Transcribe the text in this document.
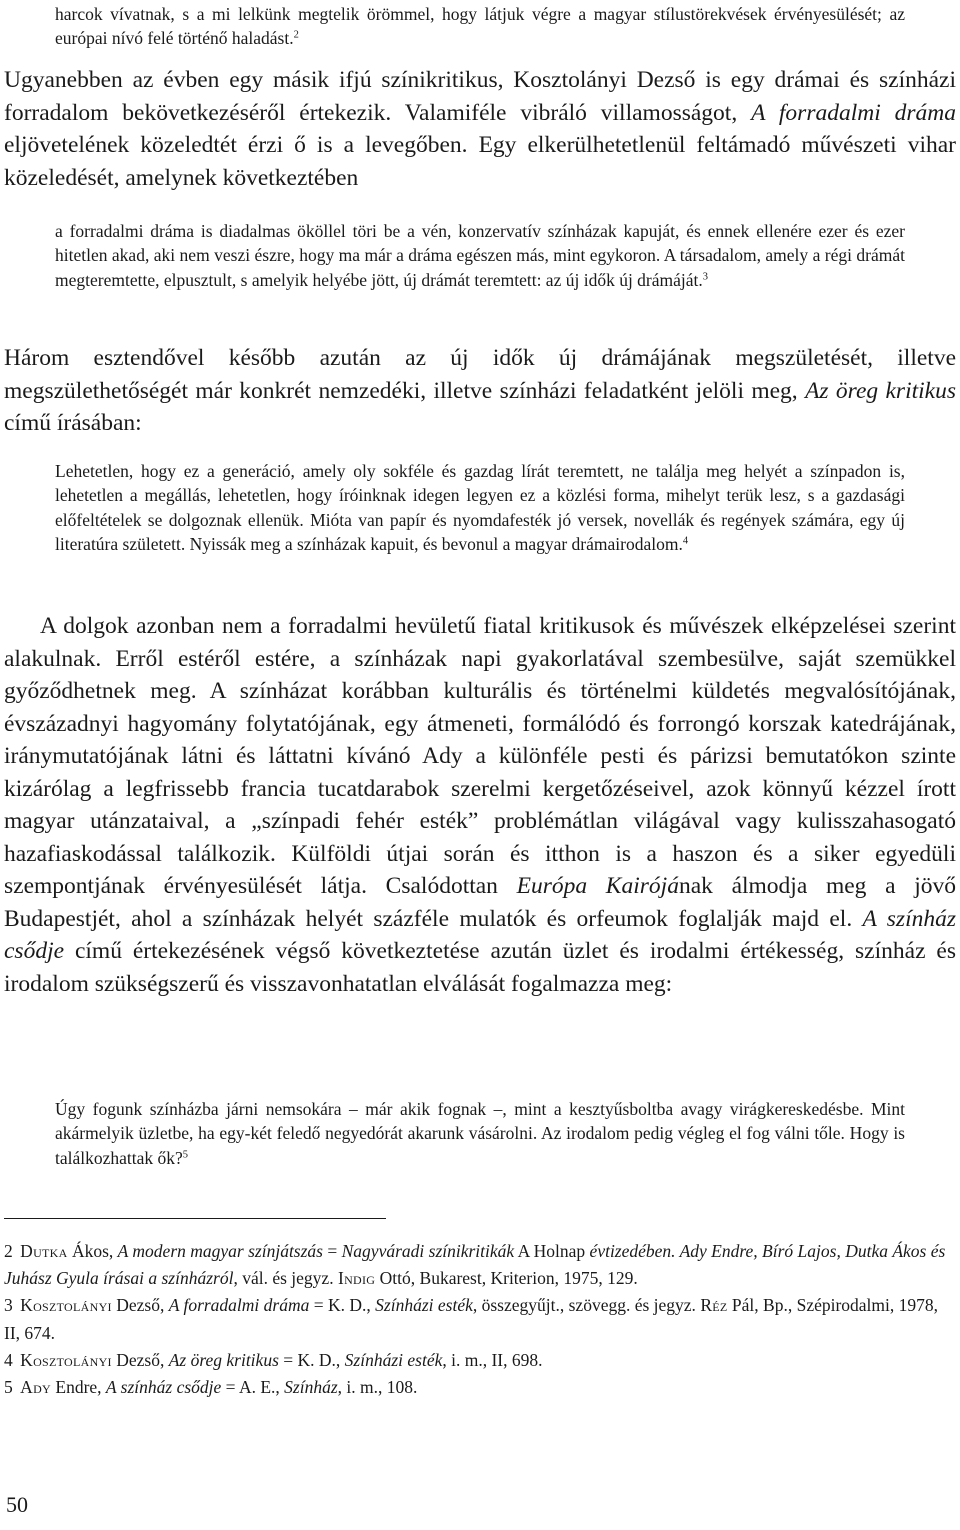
harcok vívatnak, s a mi lelkünk megtelik örömmel, hogy látjuk végre a magyar stílustörekvések érvényesülését; az európai nívó felé történő haladást.$^2$

Ugyanebben az évben egy másik ifjú színikritikus, Kosztolányi Dezső is egy drámai és színházi forradalom bekövetkezéséről értekezik. Valamiféle vibráló villamosságot, A forradalmi dráma eljövetelének közeledtét érzi ő is a levegőben. Egy elkerülhetetlenül feltámadó művészeti vihar közeledését, amelynek következtében

a forradalmi dráma is diadalmas ököllel töri be a vén, konzervatív színházak kapuját, és ennek ellenére ezer és ezer hitetlen akad, aki nem veszi észre, hogy ma már a dráma egészen más, mint egykoron. A társadalom, amely a régi drámát megteremtette, elpusztult, s amelyik helyébe jött, új drámát teremtett: az új idők új drámáját.$^3$

Három esztendővel később azután az új idők új drámájának megszületését, illetve megszülethetőségét már konkrét nemzedéki, illetve színházi feladatként jelöli meg, Az öreg kritikus című írásában:

Lehetetlen, hogy ez a generáció, amely oly sokféle és gazdag lírát teremtett, ne találja meg helyét a színpadon is, lehetetlen a megállás, lehetetlen, hogy íróinknak idegen legyen ez a közlési forma, mihelyt terük lesz, s a gazdasági előfeltételek se dolgoznak ellenük. Mióta van papír és nyomdafesték jó versek, novellák és regények számára, egy új literatúra született. Nyissák meg a színházak kapuit, és bevonul a magyar drámairodalom.$^4$

A dolgok azonban nem a forradalmi hevületű fiatal kritikusok és művészek elképzelései szerint alakulnak. Erről estéről estére, a színházak napi gyakorlatával szembesülve, saját szemükkel győződhetnek meg. A színházat korábban kulturális és történelmi küldetés megvalósítójának, évszázadnyi hagyomány folytatójának, egy átmeneti, formálódó és forrongó korszak katedrájának, iránymutatójának látni és láttatni kívánó Ady a különféle pesti és párizsi bemutatókon szinte kizárólag a legfrissebb francia tucatdarabok szerelmi kergetőzéseivel, azok könnyű kézzel írott magyar utánzataival, a „színpadi fehér esték” problémátlan világával vagy kulisszahasogató hazafiaskodással találkozik. Külföldi útjai során és itthon is a haszon és a siker egyedüli szempontjának érvényesülését látja. Csalódottan Európa Kairójának álmodja meg a jövő Budapestjét, ahol a színházak helyét százféle mulatók és orfeumok foglalják majd el. A színház csődje című értekezésének végső következtetése azután üzlet és irodalmi értékesség, színház és irodalom szükségszerű és visszavonhatatlan elválását fogalmazza meg:

Úgy fogunk színházba járni nemsokára – már akik fognak –, mint a kesztyűsboltba avagy virágkereskedésbe. Mint akármelyik üzletbe, ha egy-két feledő negyedórát akarunk vásárolni. Az irodalom pedig végleg el fog válni tőle. Hogy is találkozhattak ők?$^5$

2 Dutka Ákos, A modern magyar színjátszás = Nagyváradi színikritikák A Holnap évtizedében. Ady Endre, Bíró Lajos, Dutka Ákos és Juhász Gyula írásai a színházról, vál. és jegyz. Indig Ottó, Bukarest, Kriterion, 1975, 129.

3 Kosztolányi Dezső, A forradalmi dráma = K. D., Színházi esték, összegyűjt., szövegg. és jegyz. Réz Pál, Bp., Szépirodalmi, 1978, II, 674.

4 Kosztolányi Dezső, Az öreg kritikus = K. D., Színházi esték, i. m., II, 698.

5 Ady Endre, A színház csődje = A. E., Színház, i. m., 108.

50
